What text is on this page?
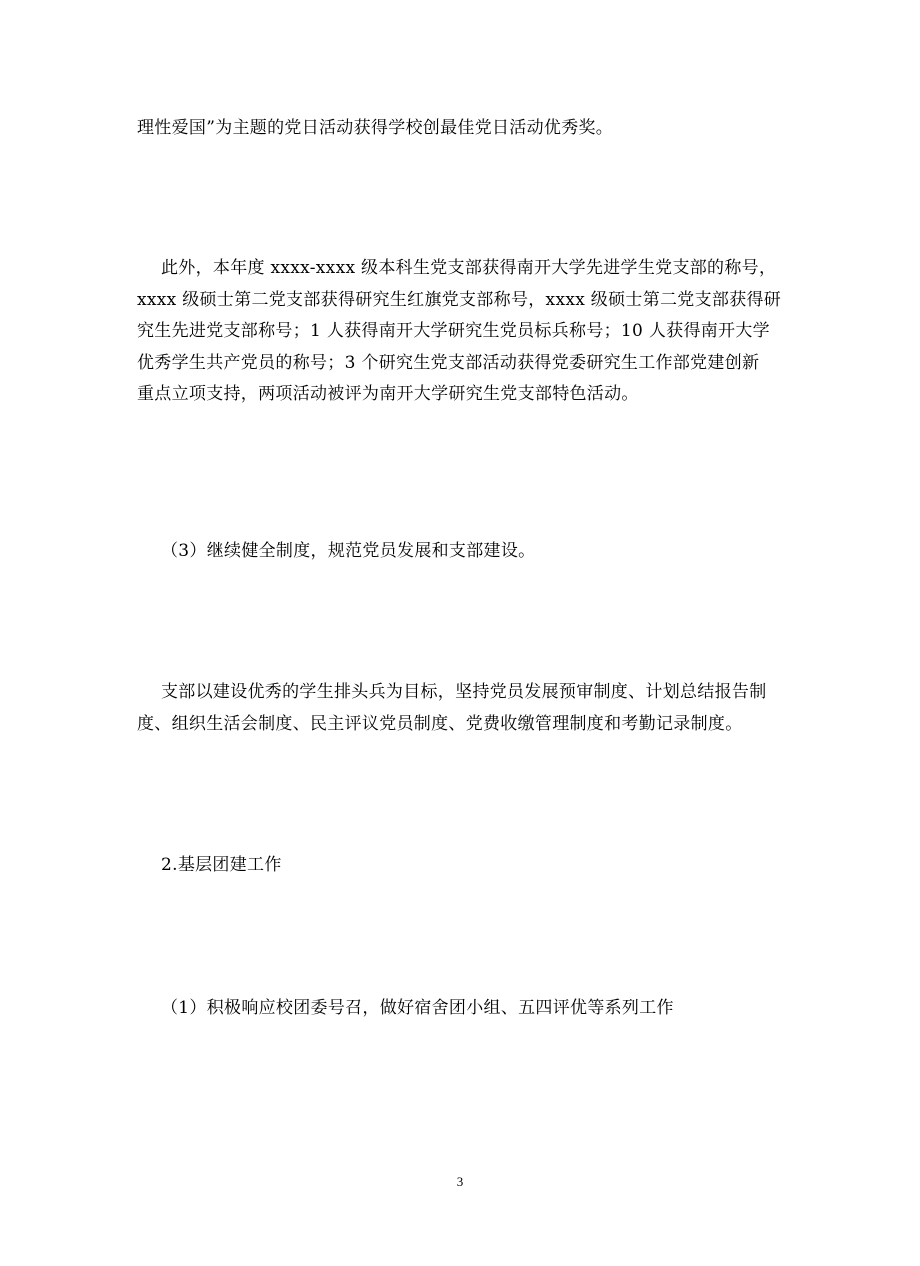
理性爱国”为主题的党日活动获得学校创最佳党日活动优秀奖。

此外，本年度 xxxx-xxxx 级本科生党支部获得南开大学先进学生党支部的称号，
xxxx 级硕士第二党支部获得研究生红旗党支部称号，xxxx 级硕士第二党支部获得研
究生先进党支部称号；1 人获得南开大学研究生党员标兵称号；10 人获得南开大学
优秀学生共产党员的称号；3 个研究生党支部活动获得党委研究生工作部党建创新
重点立项支持，两项活动被评为南开大学研究生党支部特色活动。

（3）继续健全制度，规范党员发展和支部建设。

支部以建设优秀的学生排头兵为目标，坚持党员发展预审制度、计划总结报告制
度、组织生活会制度、民主评议党员制度、党费收缴管理制度和考勤记录制度。

2.基层团建工作

（1）积极响应校团委号召，做好宿舍团小组、五四评优等系列工作

3
